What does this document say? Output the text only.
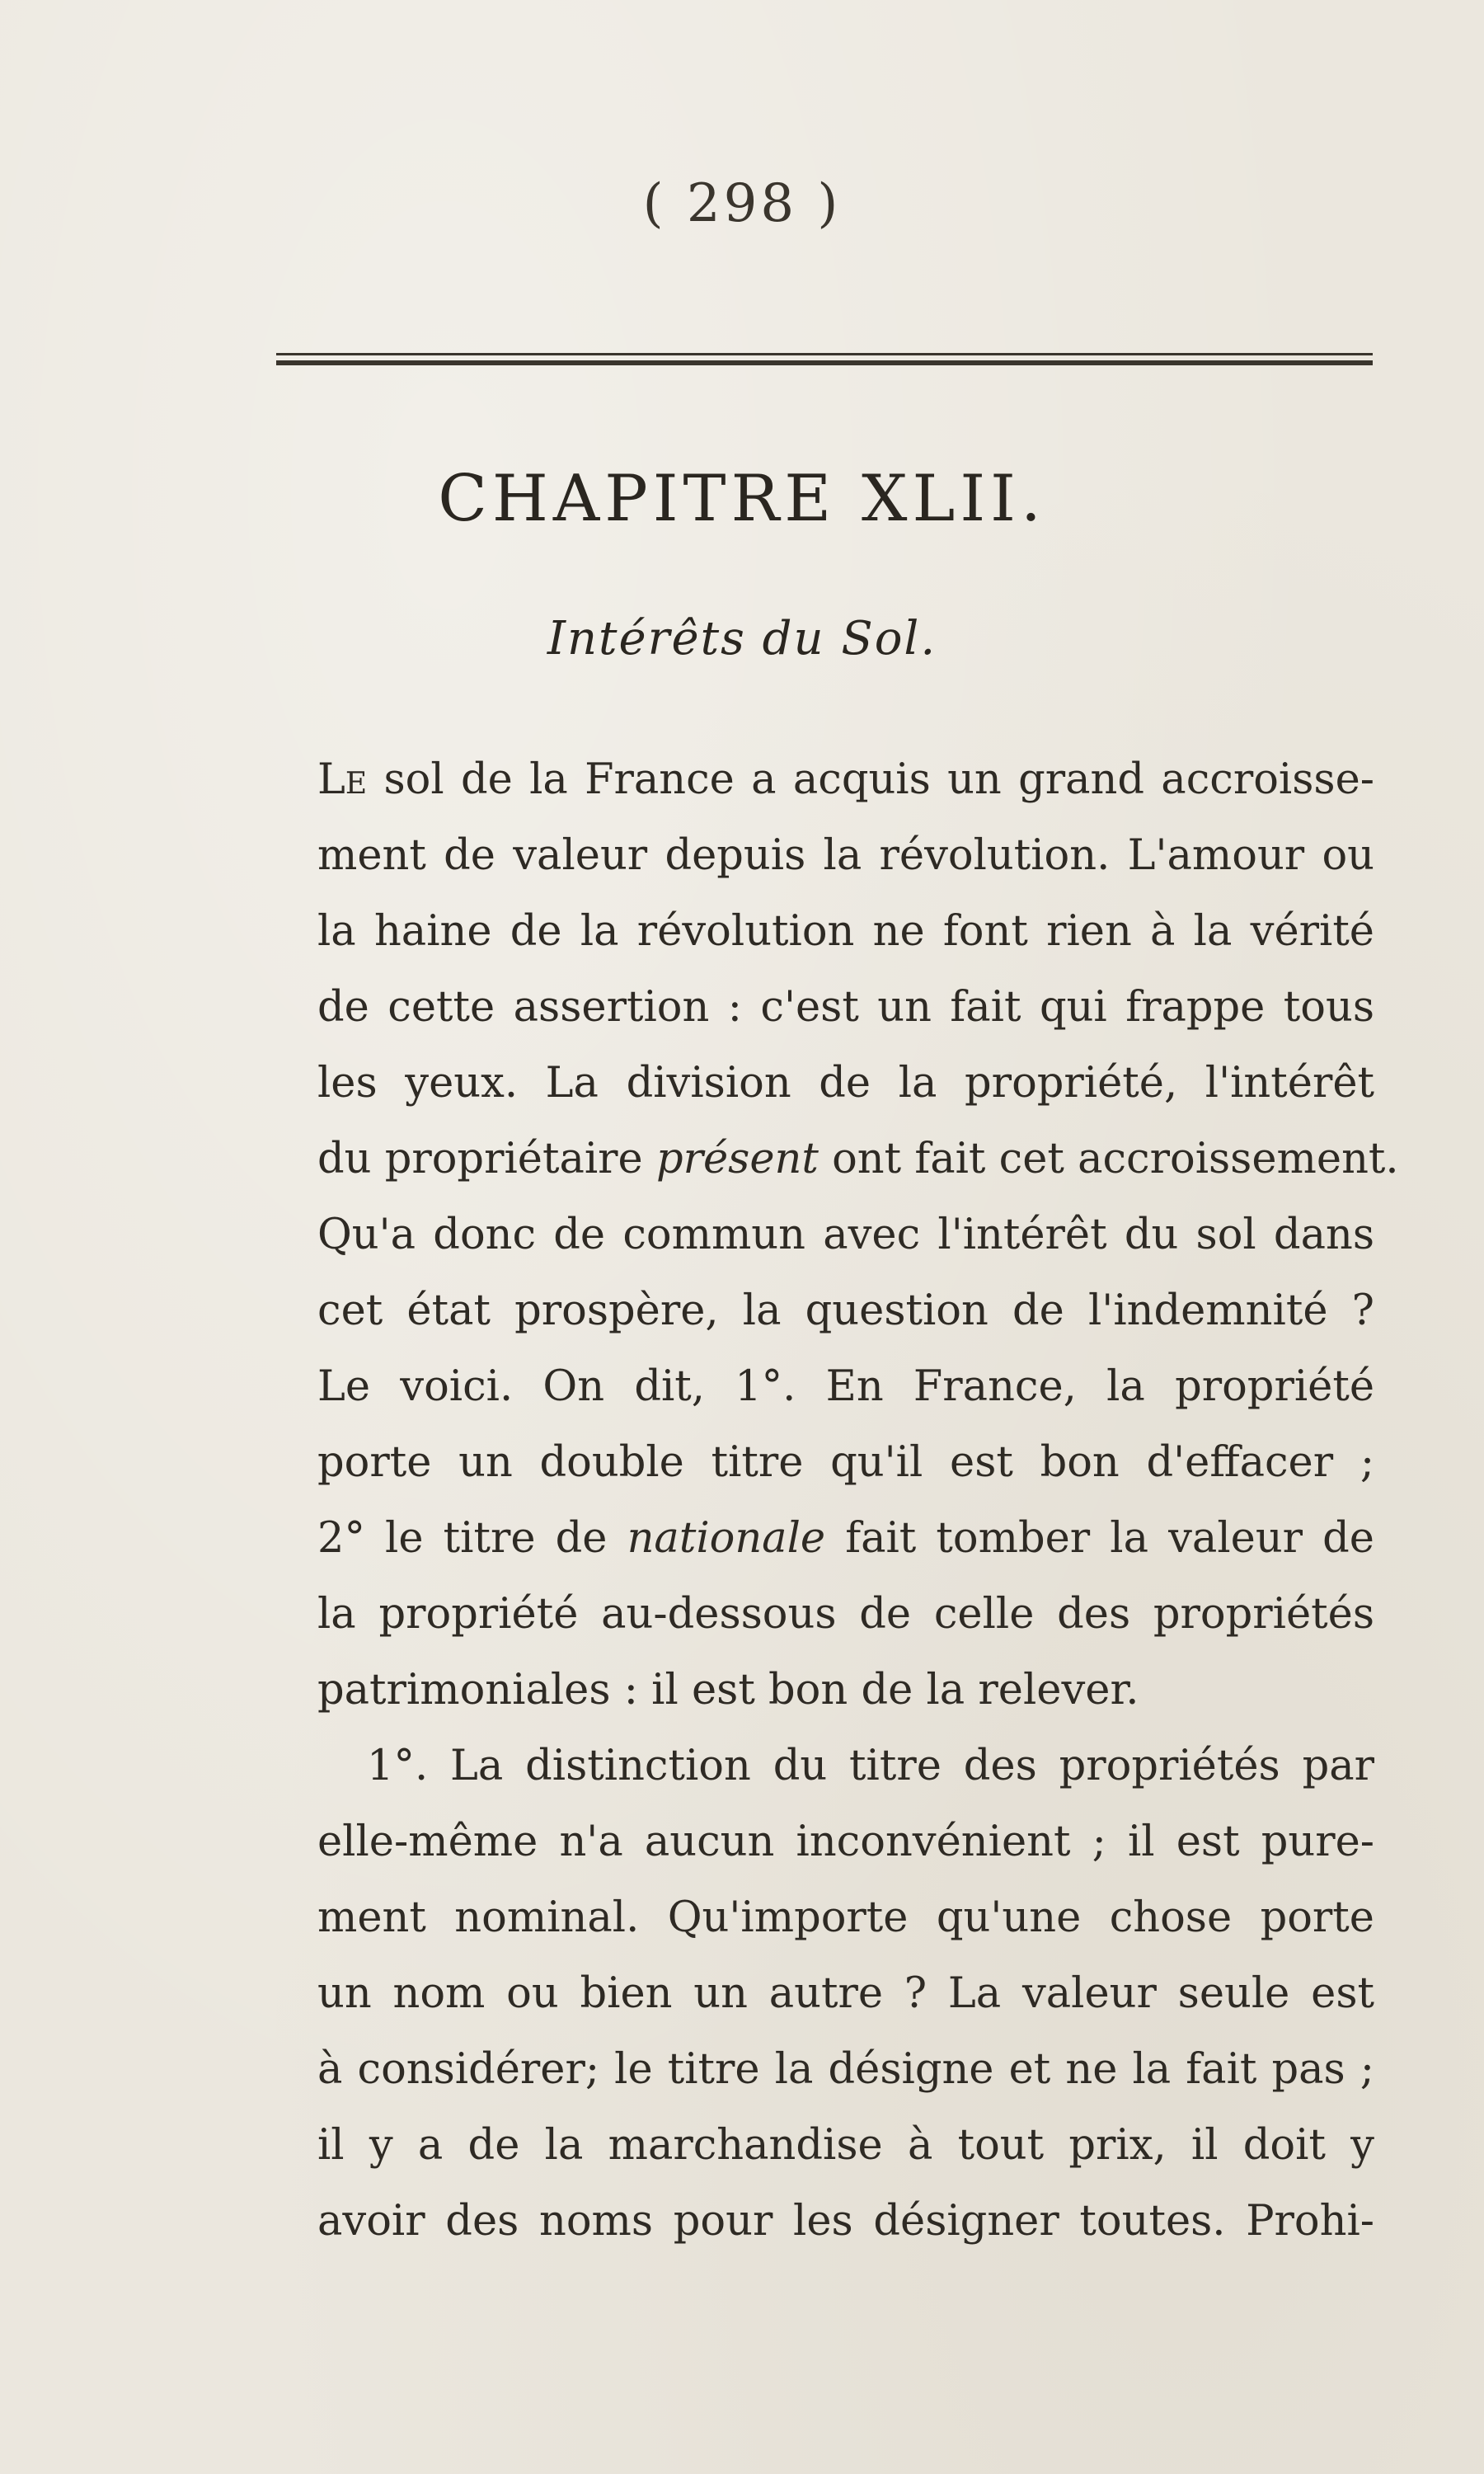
( 298 )
CHAPITRE XLII.
Intérêts du Sol.
Le sol de la France a acquis un grand accroisse-
ment de valeur depuis la révolution. L'amour ou
la haine de la révolution ne font rien à la vérité
de cette assertion : c'est un fait qui frappe tous
les yeux. La division de la propriété, l'intérêt
du propriétaire présent ont fait cet accroissement.
Qu'a donc de commun avec l'intérêt du sol dans
cet état prospère, la question de l'indemnité ?
Le voici. On dit, 1°. En France, la propriété
porte un double titre qu'il est bon d'effacer ;
2° le titre de nationale fait tomber la valeur de
la propriété au-dessous de celle des propriétés
patrimoniales : il est bon de la relever.
1°. La distinction du titre des propriétés par
elle-même n'a aucun inconvénient ; il est pure-
ment nominal. Qu'importe qu'une chose porte
un nom ou bien un autre ? La valeur seule est
à considérer; le titre la désigne et ne la fait pas ;
il y a de la marchandise à tout prix, il doit y
avoir des noms pour les désigner toutes. Prohi-
